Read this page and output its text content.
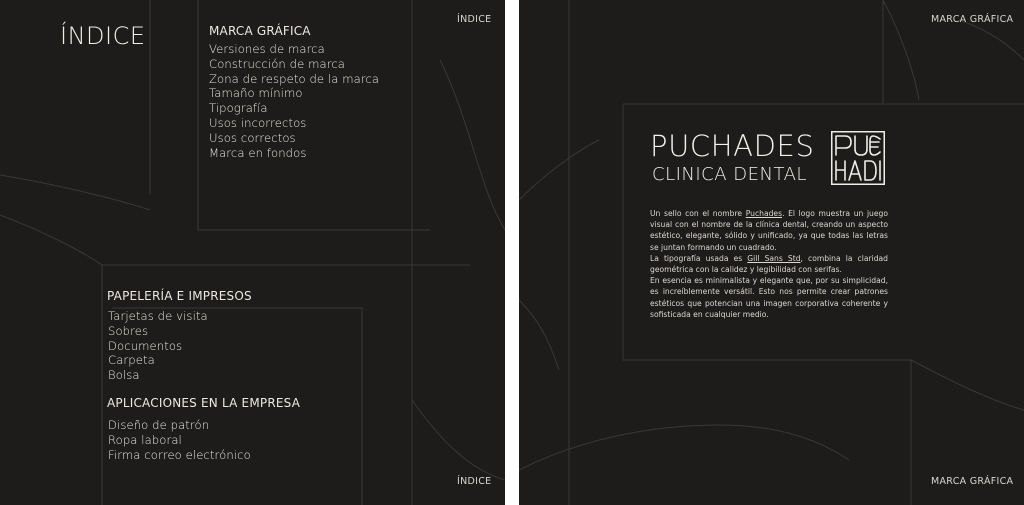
ÍNDICE
ÍNDICE
MARCA GRÁFICA
Versiones de marca
Construcción de marca
Zona de respeto de la marca
Tamaño mínimo
Tipografía
Usos incorrectos
Usos correctos
Marca en fondos
PAPELERÍA E IMPRESOS
Tarjetas de visita
Sobres
Documentos
Carpeta
Bolsa
APLICACIONES EN LA EMPRESA
Diseño de patrón
Ropa laboral
Firma correo electrónico
ÍNDICE
MARCA GRÁFICA
PUCHADES
CLINICA DENTAL

Un sello con el nombre Puchades. El logo muestra un juego visual con el nombre de la clínica dental, creando un aspecto estético, elegante, sólido y unificado, ya que todas las letras se juntan formando un cuadrado.

La tipografía usada es Gill Sans Std, combina la claridad geométrica con la calidez y legibilidad con serifas.

En esencia es minimalista y elegante que, por su simplicidad, es increíblemente versátil. Esto nos permite crear patrones estéticos que potencian una imagen corporativa coherente y sofisticada en cualquier medio.

MARCA GRÁFICA
